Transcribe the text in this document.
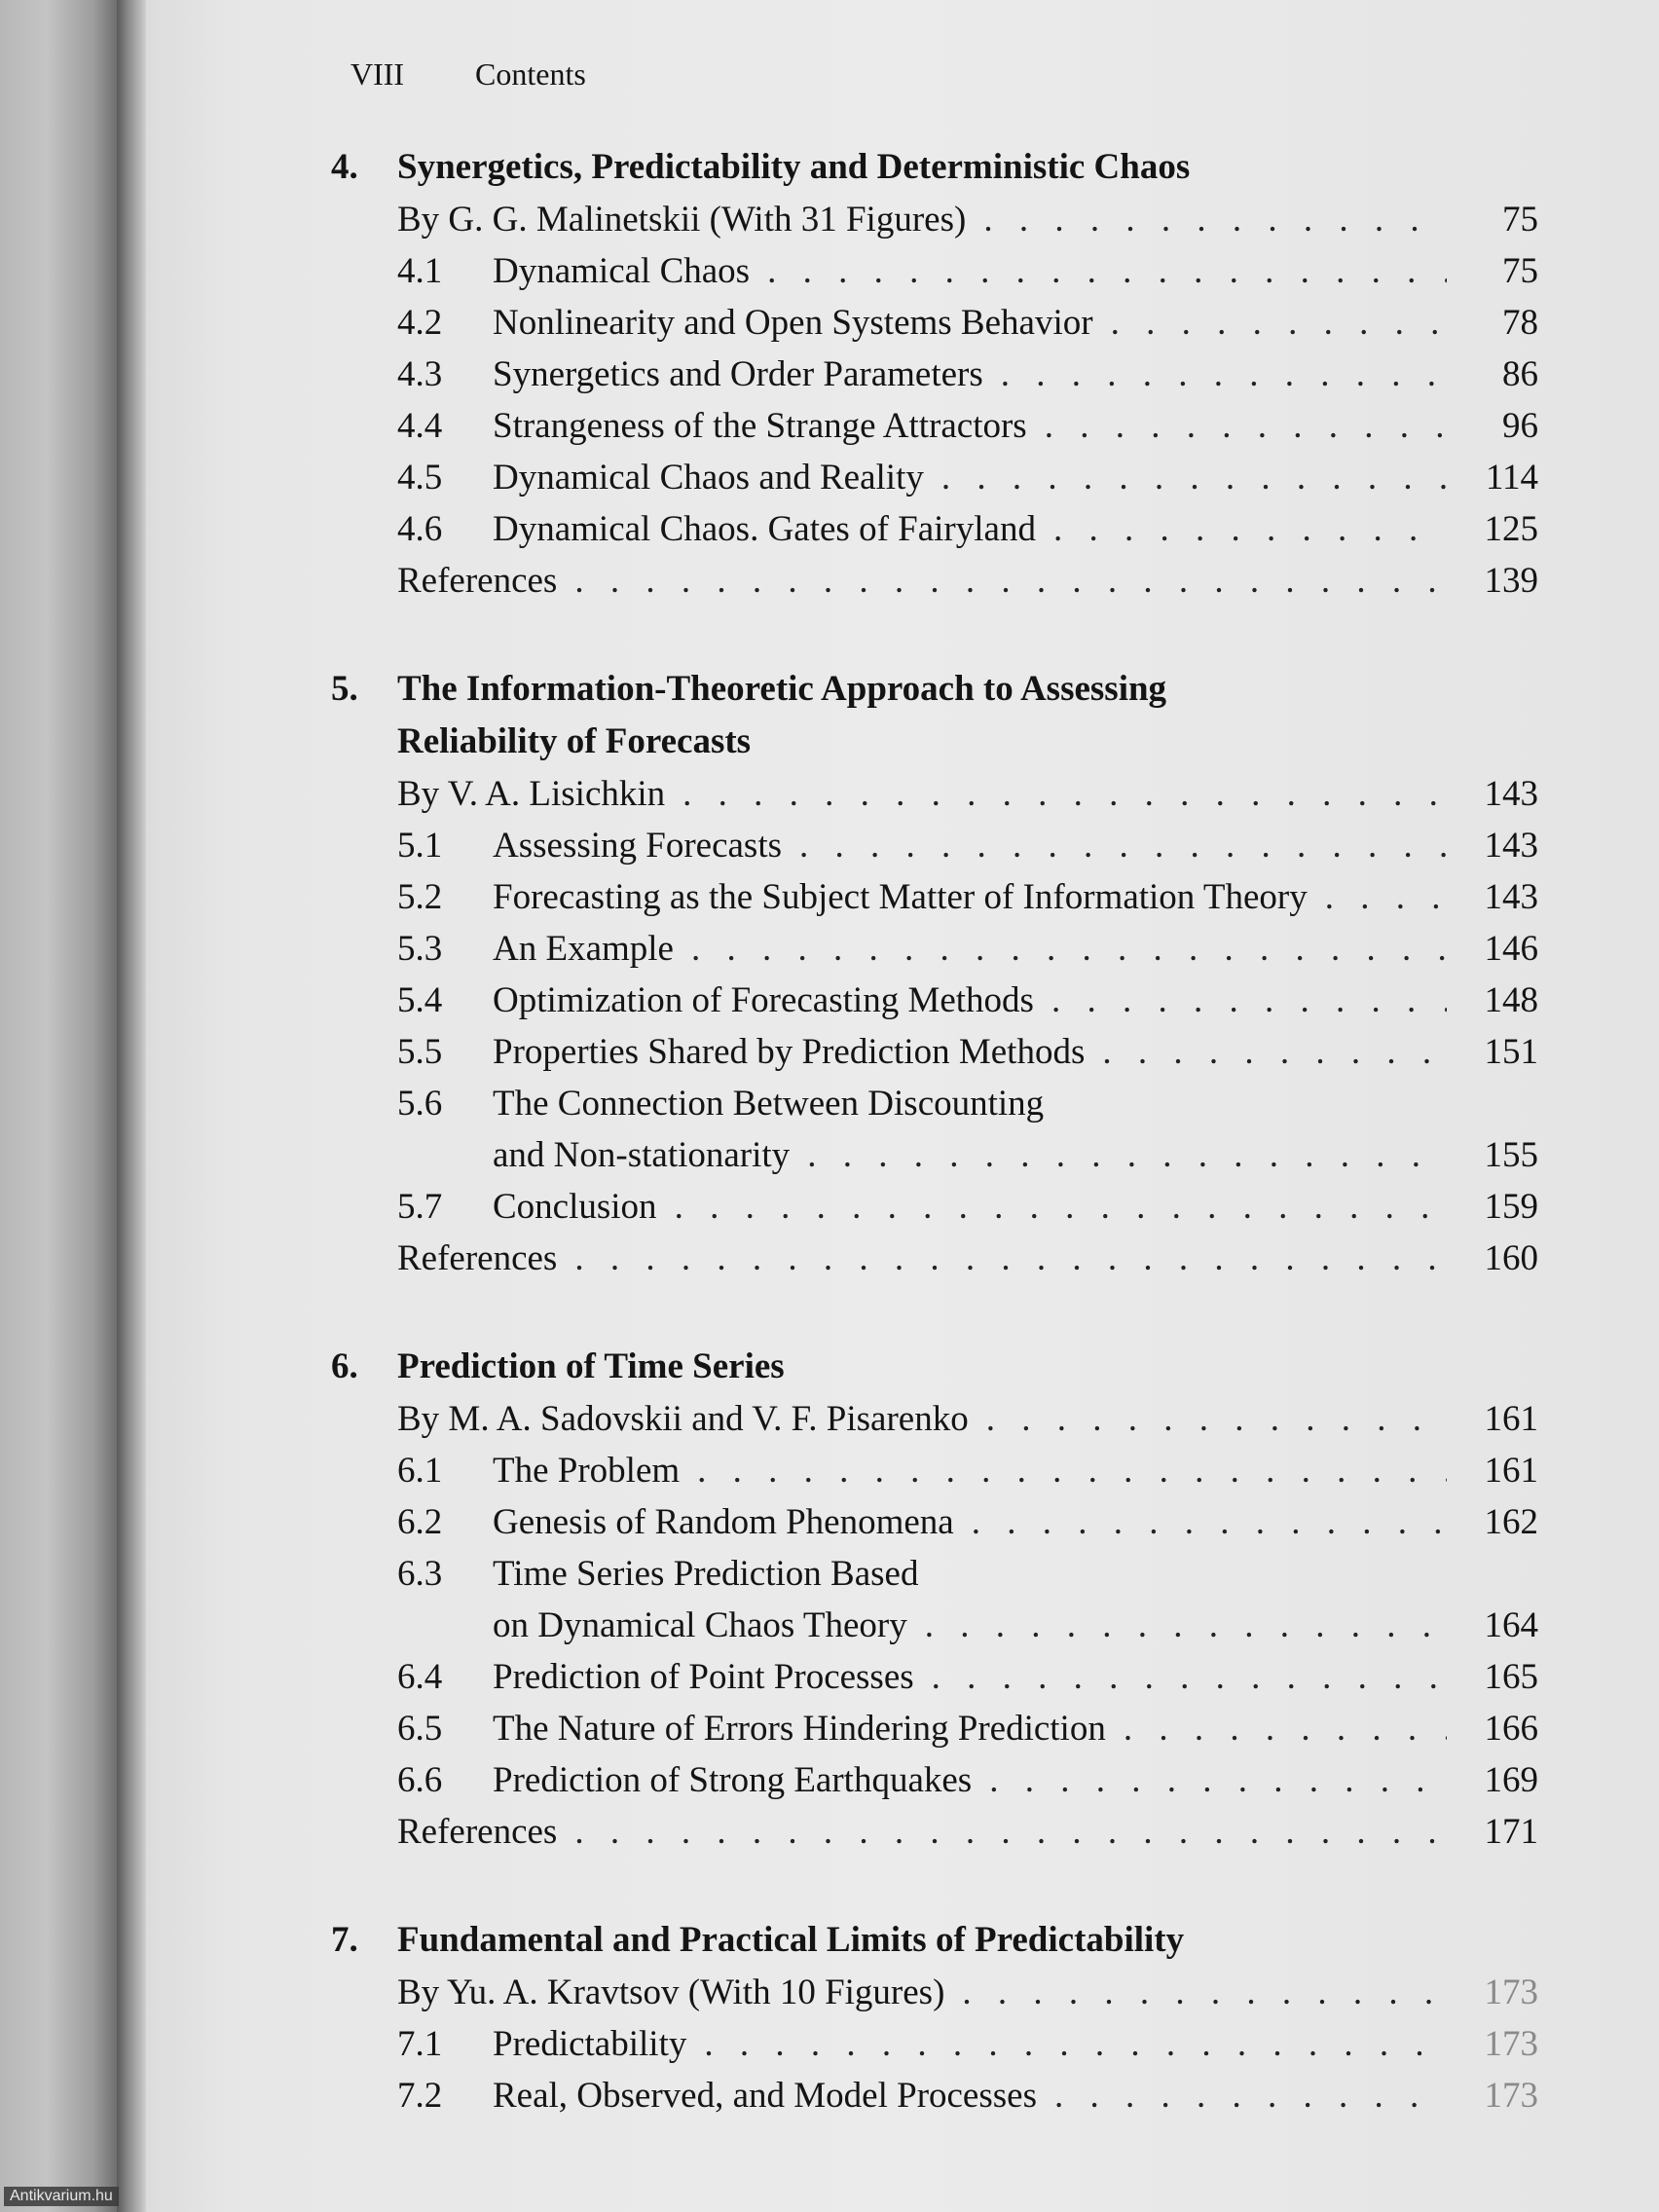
VIII Contents
4.	Synergetics, Predictability and Deterministic Chaos
By G. G. Malinetskii (With 31 Figures) . . .	75
4.1	Dynamical Chaos . . .	75
4.2	Nonlinearity and Open Systems Behavior . . .	78
4.3	Synergetics and Order Parameters . . .	86
4.4	Strangeness of the Strange Attractors . . .	96
4.5	Dynamical Chaos and Reality . . .	114
4.6	Dynamical Chaos. Gates of Fairyland . . .	125
References . . .	139
5.	The Information-Theoretic Approach to Assessing
Reliability of Forecasts
By V. A. Lisichkin . . .	143
5.1	Assessing Forecasts . . .	143
5.2	Forecasting as the Subject Matter of Information Theory . . .	143
5.3	An Example . . .	146
5.4	Optimization of Forecasting Methods . . .	148
5.5	Properties Shared by Prediction Methods . . .	151
5.6	The Connection Between Discounting
and Non-stationarity . . .	155
5.7	Conclusion . . .	159
References . . .	160
6.	Prediction of Time Series
By M. A. Sadovskii and V. F. Pisarenko . . .	161
6.1	The Problem . . .	161
6.2	Genesis of Random Phenomena . . .	162
6.3	Time Series Prediction Based
on Dynamical Chaos Theory . . .	164
6.4	Prediction of Point Processes . . .	165
6.5	The Nature of Errors Hindering Prediction . . .	166
6.6	Prediction of Strong Earthquakes . . .	169
References . . .	171
7.	Fundamental and Practical Limits of Predictability
By Yu. A. Kravtsov (With 10 Figures) . . .	173
7.1	Predictability . . .	173
7.2	Real, Observed, and Model Processes . . .	173
Antikvarium.hu
